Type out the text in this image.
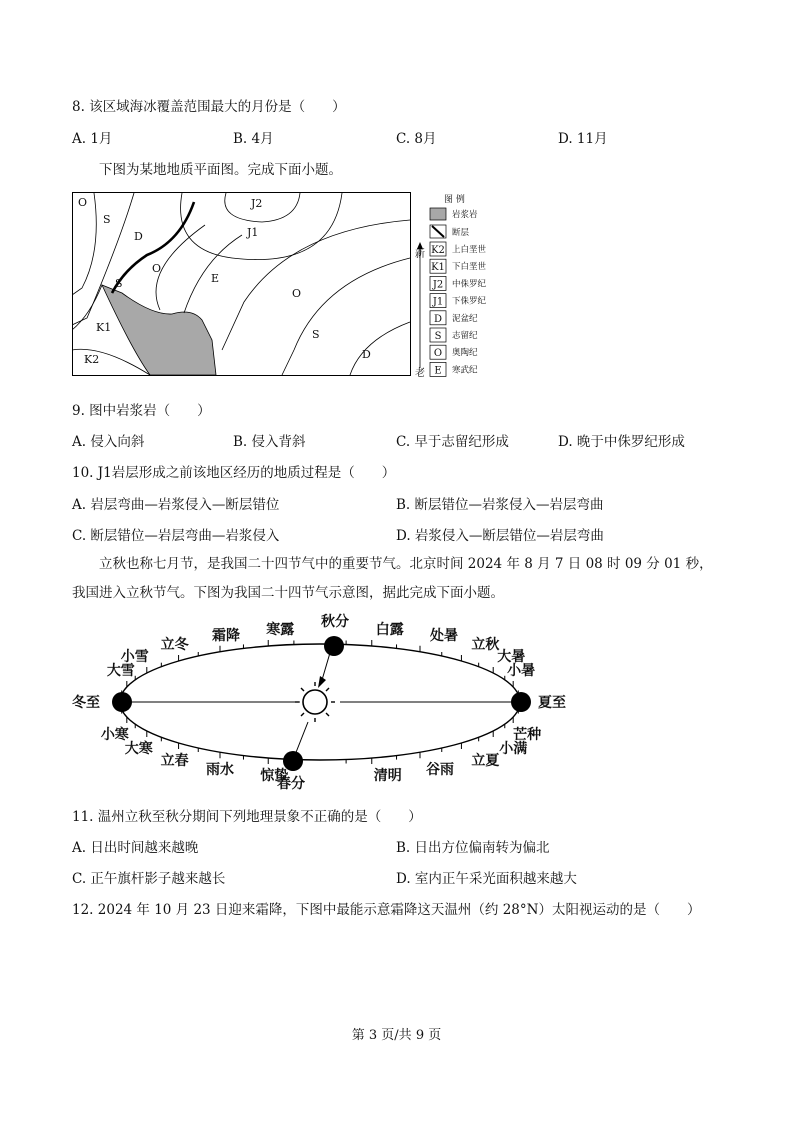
8. 该区域海冰覆盖范围最大的月份是（　　）
A. 1月	B. 4月	C. 8月	D. 11月
下图为某地地质平面图。完成下面小题。
O
S
D
J2
J1
O
E
O
S
K1
K2
S
D
图 例
岩浆岩
断层
新
老
K2 上白垩世
K1 下白垩世
J2 中侏罗纪
J1 下侏罗纪
D 泥盆纪
S 志留纪
O 奥陶纪
E 寒武纪
9. 图中岩浆岩（　　）
A. 侵入向斜	B. 侵入背斜	C. 早于志留纪形成	D. 晚于中侏罗纪形成
10. J1岩层形成之前该地区经历的地质过程是（　　）
A. 岩层弯曲—岩浆侵入—断层错位	B. 断层错位—岩浆侵入—岩层弯曲
C. 断层错位—岩层弯曲—岩浆侵入	D. 岩浆侵入—断层错位—岩层弯曲
立秋也称七月节，是我国二十四节气中的重要节气。北京时间 2024 年 8 月 7 日 08 时 09 分 01 秒，我国进入立秋节气。下图为我国二十四节气示意图，据此完成下面小题。
冬至	夏至
秋分
春分
大雪
小雪
立冬
霜降 寒露	白露 处暑
立秋
大暑
小暑
小寒
大寒
立春
雨水 惊蛰	清明 谷雨
立夏
小满
芒种
11. 温州立秋至秋分期间下列地理景象不正确的是（　　）
A. 日出时间越来越晚	B. 日出方位偏南转为偏北
C. 正午旗杆影子越来越长	D. 室内正午采光面积越来越大
12. 2024 年 10 月 23 日迎来霜降，下图中最能示意霜降这天温州（约 28°N）太阳视运动的是（　　）
第 3 页/共 9 页
